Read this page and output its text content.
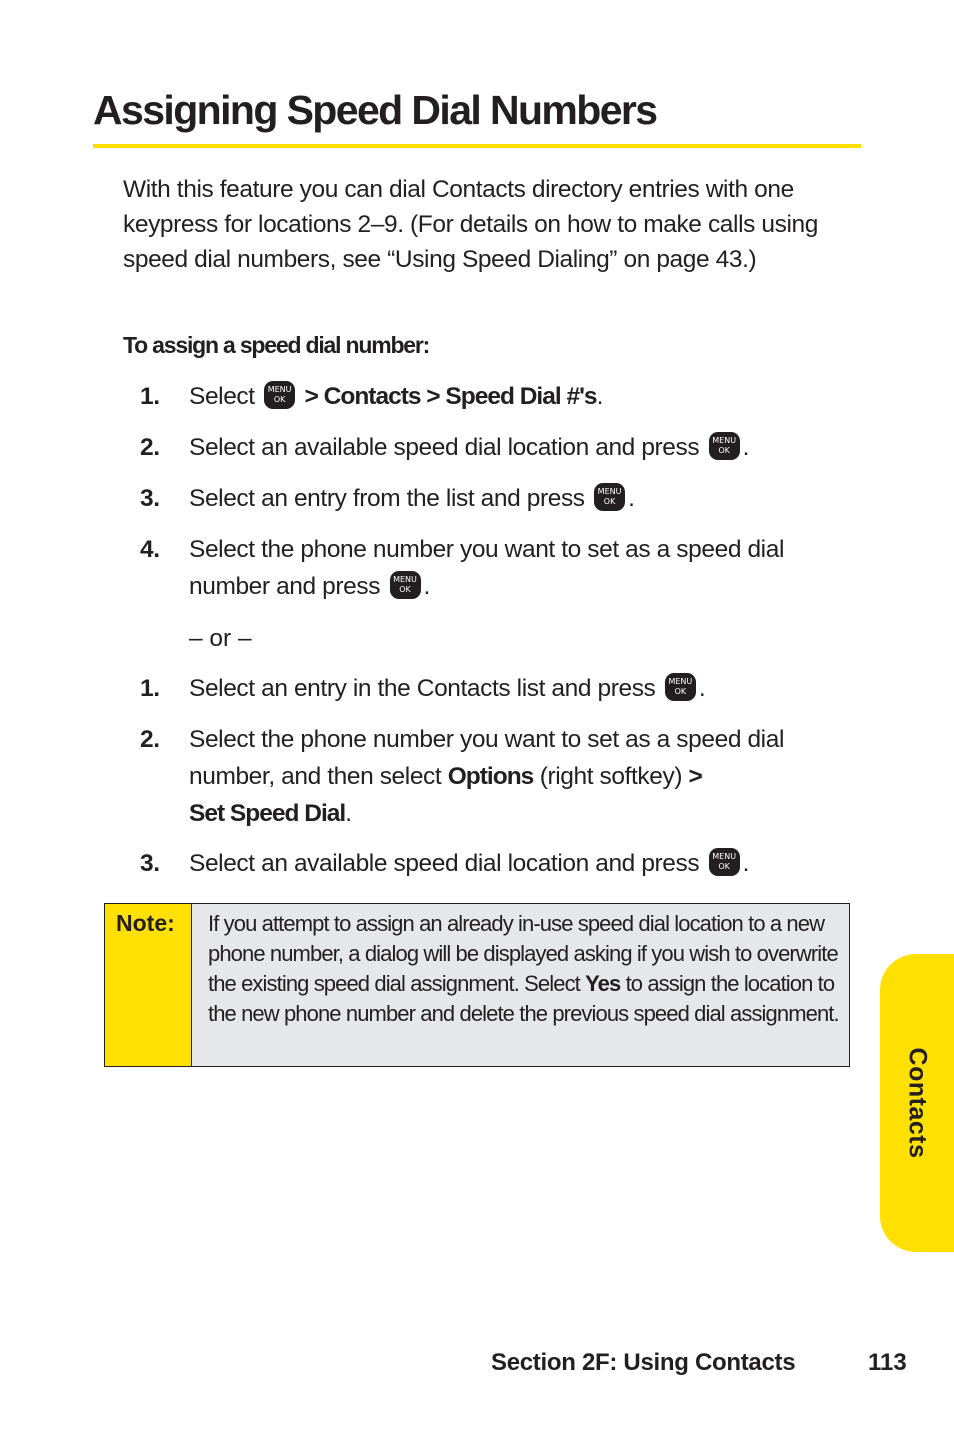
Assigning Speed Dial Numbers

With this feature you can dial Contacts directory entries with one keypress for locations 2–9. (For details on how to make calls using speed dial numbers, see “Using Speed Dialing” on page 43.)

To assign a speed dial number:

1. Select	MENU
OK > Contacts > Speed Dial #'s.
2. Select an available speed dial location and press	MENU
OK .
3. Select an entry from the list and press	MENU
OK .
4. Select the phone number you want to set as a speed dial number and press	MENU
OK .
– or –
1. Select an entry in the Contacts list and press	MENU
OK .
2. Select the phone number you want to set as a speed dial number, and then select Options (right softkey) >
Set Speed Dial.
3. Select an available speed dial location and press	MENU
OK .
Note: If you attempt to assign an already in-use speed dial location to a new phone number, a dialog will be displayed asking if you wish to overwrite the existing speed dial assignment. Select Yes to assign the location to the new phone number and delete the previous speed dial assignment.

Contacts
Section 2F: Using Contacts	113
